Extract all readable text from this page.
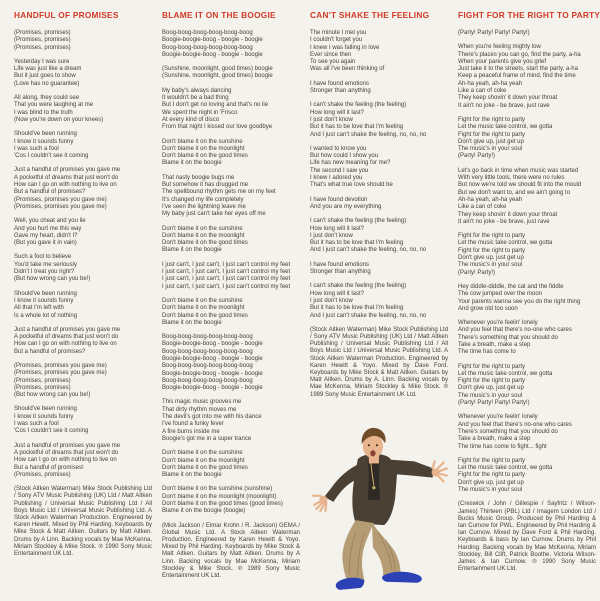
HANDFUL OF PROMISES

(Promises, promises)
(Promises, promises)
(Promises, promises)

Yesterday I was sure
Life was just like a dream
But it just goes to show
(Love has no guarantee)

All along, they could see
That you were laughing at me
I was blind to the truth
(Now you're down on your knees)

Should've been running
I know it sounds funny
I was such a fool
'Cos I couldn't see it coming

Just a handful of promises you gave me
A pocketful of dreams that just won't do
How can I go on with nothing to live on
But a handful of promises?
(Promises, promises you gave me)
(Promises, promises you gave me)

Well, you cheat and you lie
And you hurt me this way
Gave my heart, didn't I?
(But you gave it in vain)

Such a fool to believe
You'd take me seriously
Didn't I treat you right?
(But how wrong can you be!)

Should've been running
I know it sounds funny
All that I'm left with
Is a whole lot of nothing

Just a handful of promises you gave me
A pocketful of dreams that just won't do
How can I go on with nothing to live on
But a handful of promises?

(Promises, promises you gave me)
(Promises, promises you gave me)
(Promises, promises)
(Promises, promises)
(But how wrong can you be!)

Should've been running
I know it sounds funny
I was such a fool
'Cos I couldn't see it coming

Just a handful of promises you gave me
A pocketful of dreams that just won't do
How can I go on with nothing to live on
But a handful of promises!
(Promises, promises)

(Stock Aitken Waterman) Mike Stock Publishing Ltd / Sony ATV Music Publishing (UK) Ltd / Matt Aitken Publishing / Universal Music Publishing Ltd / All Boys Music Ltd / Universal Music Publishing Ltd. A Stock Aitken Waterman Production. Engineered by Karen Hewitt. Mixed by Phil Harding. Keyboards by Mike Stock & Matt Aitken. Guitars by Matt Aitken. Drums by A Linn. Backing vocals by Mae McKenna, Miriam Stockley & Mike Stock. ℗ 1990 Sony Music Entertainment UK Ltd.

BLAME IT ON THE BOOGIE

Boog-boog-boog-boog-boog-boog
Boogie-boogie-boog - boogie - boogie
Boog-boog-boog-boog-boog-boog
Boogie-boogie-boog - boogie - boogie

(Sunshine, moonlight, good times) boogie
(Sunshine, moonlight, good times) boogie

My baby's always dancing
It wouldn't be a bad thing
But I don't get no loving and that's no lie
We spent the night in 'Frisco
At every kind of disco
From that night I kissed our love goodbye

Don't blame it on the sunshine
Don't blame it on the moonlight
Don't blame it on the good times
Blame it on the boogie

That nasty boogie bugs me
But somehow it has drugged me
The spellbound rhythm gets me on my feet
It's changed my life completely
I've seen the lightning leave me
My baby just can't take her eyes off me

Don't blame it on the sunshine
Don't blame it on the moonlight
Don't blame it on the good times
Blame it on the boogie

I just can't, I just can't, I just can't control my feet
I just can't, I just can't, I just can't control my feet
I just can't, I just can't, I just can't control my feet
I just can't, I just can't, I just can't control my feet

Don't blame it on the sunshine
Don't blame it on the moonlight
Don't blame it on the good times
Blame it on the boogie

Boog-boog-boog-boog-boog-boog
Boogie-boogie-boog - boogie - boogie
Boog-boog-boog-boog-boog-boog
Boogie-boogie-boog - boogie - boogie
Boog-boog-boog-boog-boog-boog
Boogie-boogie-boog - boogie - boogie
Boog-boog-boog-boog-boog-boog
Boogie-boogie-boog - boogie - boogie

This magic music grooves me
That dirty rhythm moves me
The devil's got into me with his dance
I've found a funky fever
A fire burns inside me
Boogie's got me in a super trance

Don't blame it on the sunshine
Don't blame it on the moonlight
Don't blame it on the good times
Blame it on the boogie

Don't blame it on the sunshine (sunshine)
Don't blame it on the moonlight (moonlight)
Don't blame it on the good times (good times)
Blame it on the boogie (boogie)

(Mick Jackson / Elmar Krohn / R. Jackson) GEMA / Global Music Ltd. A Stock Aitken Waterman Production. Engineered by Karen Hewitt & Yoyo. Mixed by Phil Harding. Keyboards by Mike Stock & Matt Aitken. Guitars by Matt Aitken. Drums by A Linn. Backing vocals by Mae McKenna, Miriam Stockley & Mike Stock. ℗ 1989 Sony Music Entertainment UK Ltd.

CAN'T SHAKE THE FEELING

The minute I met you
I couldn't forget you
I knew I was falling in love
Ever since then
To see you again
Was all I've been thinking of

I have found emotions
Stronger than anything

I can't shake the feeling (the feeling)
How long will it last?
I just don't know
But it has to be love that I'm feeling
And I just can't shake the feeling, no, no, no

I wanted to know you
But how could I show you
Life has new meaning for me?
The second I saw you
I knew I adored you
That's what true love should be

I have found devotion
And you are my everything

I can't shake the feeling (the feeling)
How long will it last?
I just don't know
But it has to be love that I'm feeling
And I just can't shake the feeling, no, no, no

I have found emotions
Stronger than anything

I can't shake the feeling (the feeling)
How long will it last?
I just don't know
But it has to be love that I'm feeling
And I just can't shake the feeling, no, no, no

(Stock Aitken Waterman) Mike Stock Publishing Ltd / Sony ATV Music Publishing (UK) Ltd / Matt Aitken Publishing / Universal Music Publishing Ltd / All Boys Music Ltd / Universal Music Publishing Ltd. A Stock Aitken Waterman Production. Engineered by Karen Hewitt & Yoyo. Mixed by Dave Ford. Keyboards by Mike Stock & Matt Aitken. Guitars by Matt Aitken. Drums by A. Linn. Backing vocals by Mae McKenna, Miriam Stockley & Mike Stock. ℗ 1989 Sony Music Entertainment UK Ltd.

FIGHT FOR THE RIGHT TO PARTY

(Party! Party! Party! Party!)

When you're feeling mighty low
There's places you can go, find the party, a-ha
When your parents give you grief
Just take it to the streets, start the party, a-ha
Keep a peaceful frame of mind, find the time
Ah-ha yeah, ah-ha yeah
Like a can of coke
They keep shovin' it down your throat
It ain't no joke - be brave, just rave

Fight for the right to party
Let the music take control, we gotta
Fight for the right to party
Don't give up, just get up
The music's in your soul
(Party! Party!)

Let's go back in time when music was started
With very little tools, there were no rules
But now we're told we should fit into the mould
But we don't want to, and we ain't going to
Ah-ha yeah, ah-ha yeah
Like a can of coke
They keep shovin' it down your throat
It ain't no joke - be brave, just rave

Fight for the right to party
Let the music take control, we gotta
Fight for the right to party
Don't give up, just get up
The music's in your soul
(Party! Party!)

Hey diddle-diddle, the cat and the fiddle
The cow jumped over the moon
Your parents wanna see you do the right thing
And grow old too soon

Whenever you're feelin' lonely
And you feel that there's no-one who cares
There's something that you should do
Take a breath, make a step
The time has come to

Fight for the right to party
Let the music take control, we gotta
Fight for the right to party
Don't give up, just get up
The music's in your soul
(Party! Party! Party! Party!)

Whenever you're feelin' lonely
And you feel that there's no-one who cares
There's something that you should do
Take a breath, make a step
The time has come to fight... fight

Fight for the right to party
Let the music take control, we gotta
Fight for the right to party
Don't give up, just get up
The music's in your soul

(Creswick / John / Gillespie / Sayfritz / Wilson-James) Thirteen (PBL) Ltd / Imagem London Ltd / Bucks Music Group. Produced by Phil Harding & Ian Curnow for PWL. Engineered by Phil Harding & Ian Curnow. Mixed by Dave Ford & Phil Harding. Keyboards & bass by Ian Curnow. Drums by Phil Harding. Backing vocals by Mae McKenna, Miriam Stockley, Bill Clift, Patrick Boothe, Victoria Wilson-James & Ian Curnow. ℗ 1990 Sony Music Entertainment UK Ltd.
